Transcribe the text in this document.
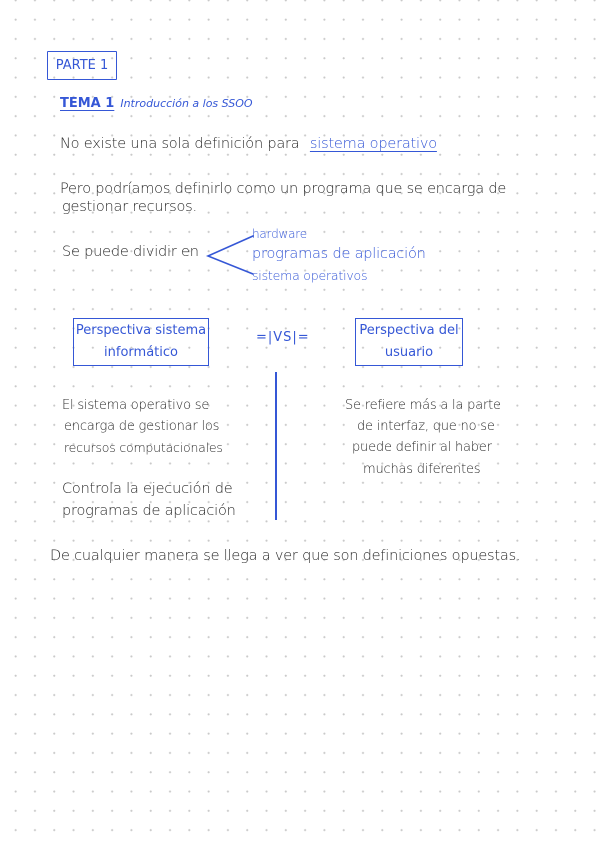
PARTE 1
TEMA 1 Introducción a los SSOO
No existe una sola definición para sistema operativo
Pero podríamos definirlo como un programa que se encarga de
gestionar recursos.
Se puede dividir en
hardware
programas de aplicación
sistema operativos
Perspectiva sistema informático
=|VS|=	Perspectiva del usuario
El sistema operativo se
encarga de gestionar los
recursos computacionales
Controla la ejecución de
programas de aplicación
Se refiere más a la parte
de interfaz, que no se
puede definir al haber
muchas diferentes
De cualquier manera se llega a ver que son definiciones opuestas.
